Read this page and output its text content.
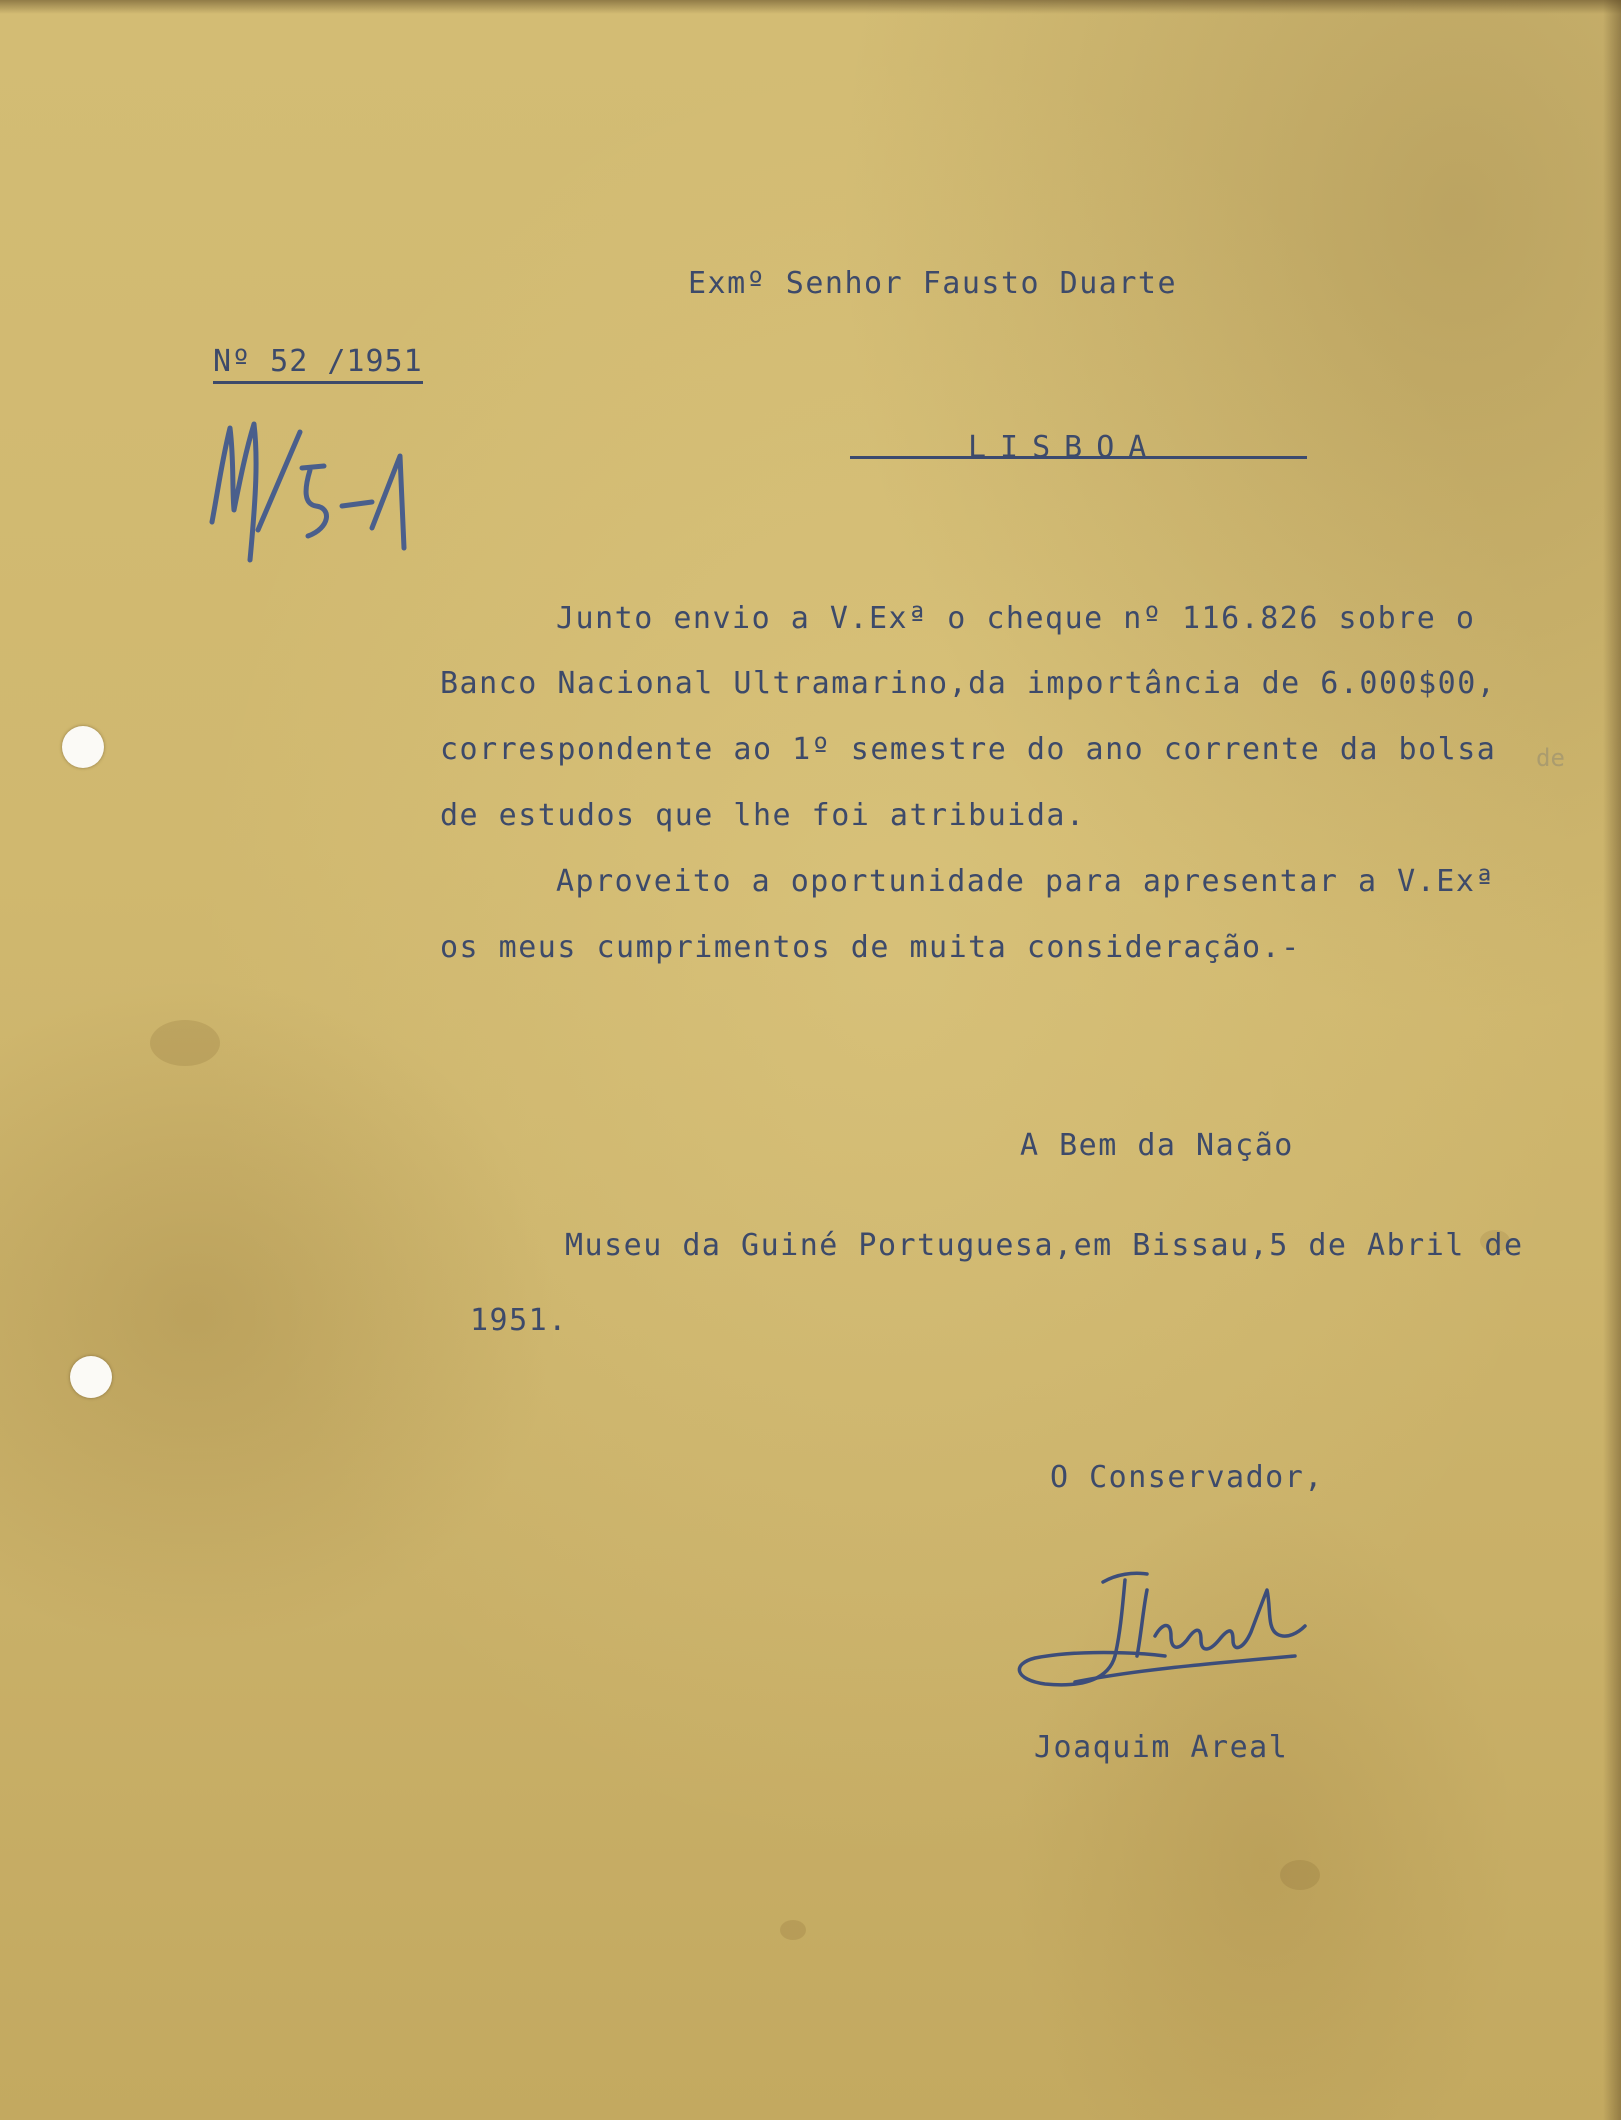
Exmº Senhor Fausto Duarte
Nº 52 /1951
LISBOA
Junto envio a V.Exª o cheque nº 116.826 sobre o
Banco Nacional Ultramarino,da importância de 6.000$00,
correspondente ao 1º semestre do ano corrente da bolsa
de estudos que lhe foi atribuida.
Aproveito a oportunidade para apresentar a V.Exª
os meus cumprimentos de muita consideração.-
de
A Bem da Nação
Museu da Guiné Portuguesa,em Bissau,5 de Abril de
1951.
O Conservador,
Joaquim Areal
